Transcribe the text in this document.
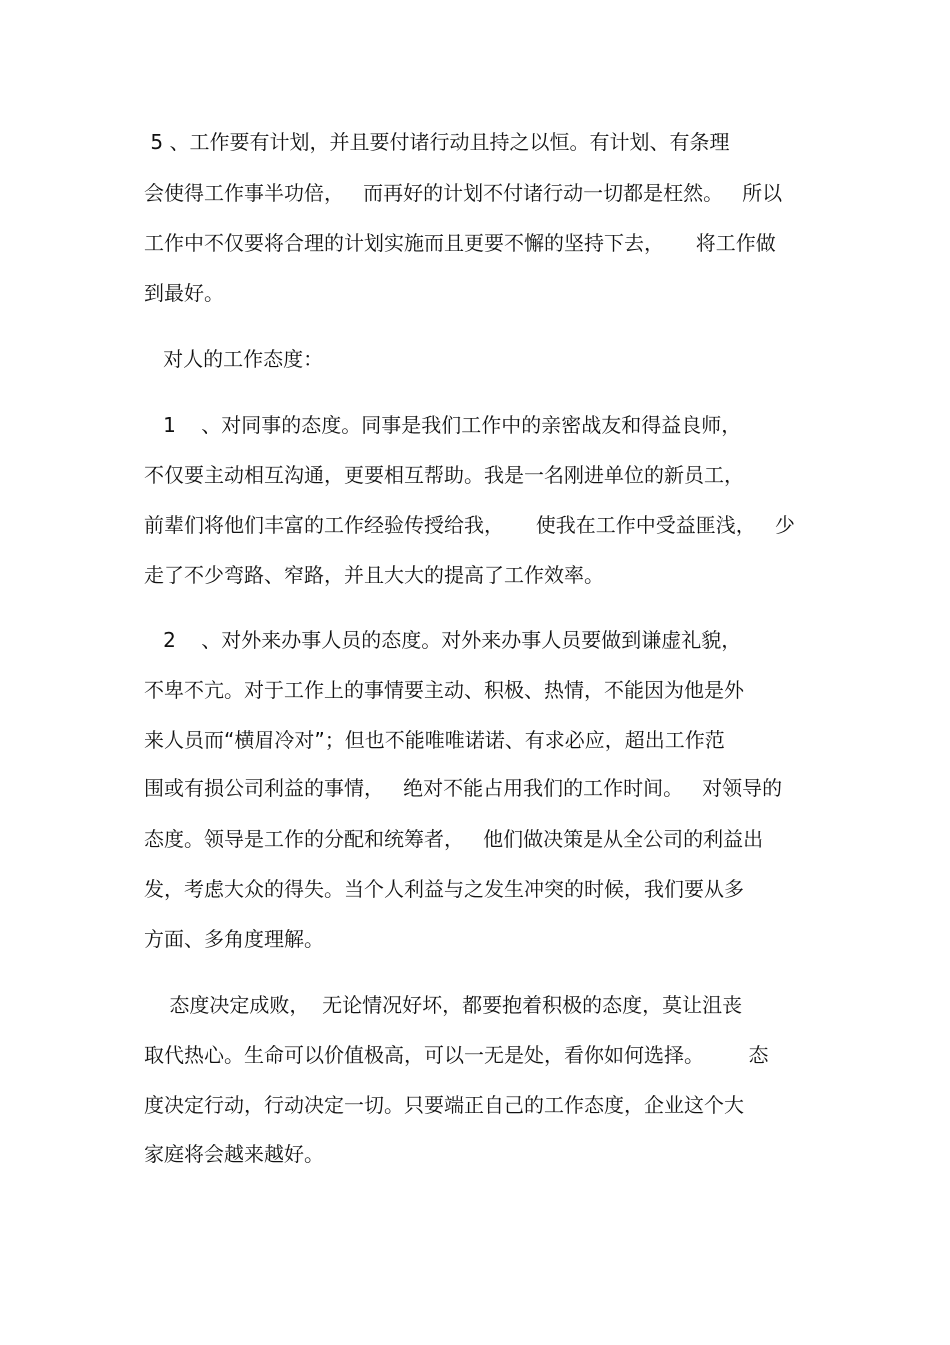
5 、工作要有计划，并且要付诸行动且持之以恒。有计划、有条理
会使得工作事半功倍，   而再好的计划不付诸行动一切都是枉然。   所以
工作中不仅要将合理的计划实施而且更要不懈的坚持下去，     将工作做
到最好。
对人的工作态度：
1    、对同事的态度。同事是我们工作中的亲密战友和得益良师，
不仅要主动相互沟通，更要相互帮助。我是一名刚进单位的新员工，
前辈们将他们丰富的工作经验传授给我，     使我在工作中受益匪浅，   少
走了不少弯路、窄路，并且大大的提高了工作效率。
2    、对外来办事人员的态度。对外来办事人员要做到谦虚礼貌，
不卑不亢。对于工作上的事情要主动、积极、热情，不能因为他是外
来人员而“横眉冷对”；但也不能唯唯诺诺、有求必应，超出工作范
围或有损公司利益的事情，   绝对不能占用我们的工作时间。   对领导的
态度。领导是工作的分配和统筹者，   他们做决策是从全公司的利益出
发，考虑大众的得失。当个人利益与之发生冲突的时候，我们要从多
方面、多角度理解。
态度决定成败，  无论情况好坏，都要抱着积极的态度，莫让沮丧
取代热心。生命可以价值极高，可以一无是处，看你如何选择。       态
度决定行动，行动决定一切。只要端正自己的工作态度，企业这个大
家庭将会越来越好。
